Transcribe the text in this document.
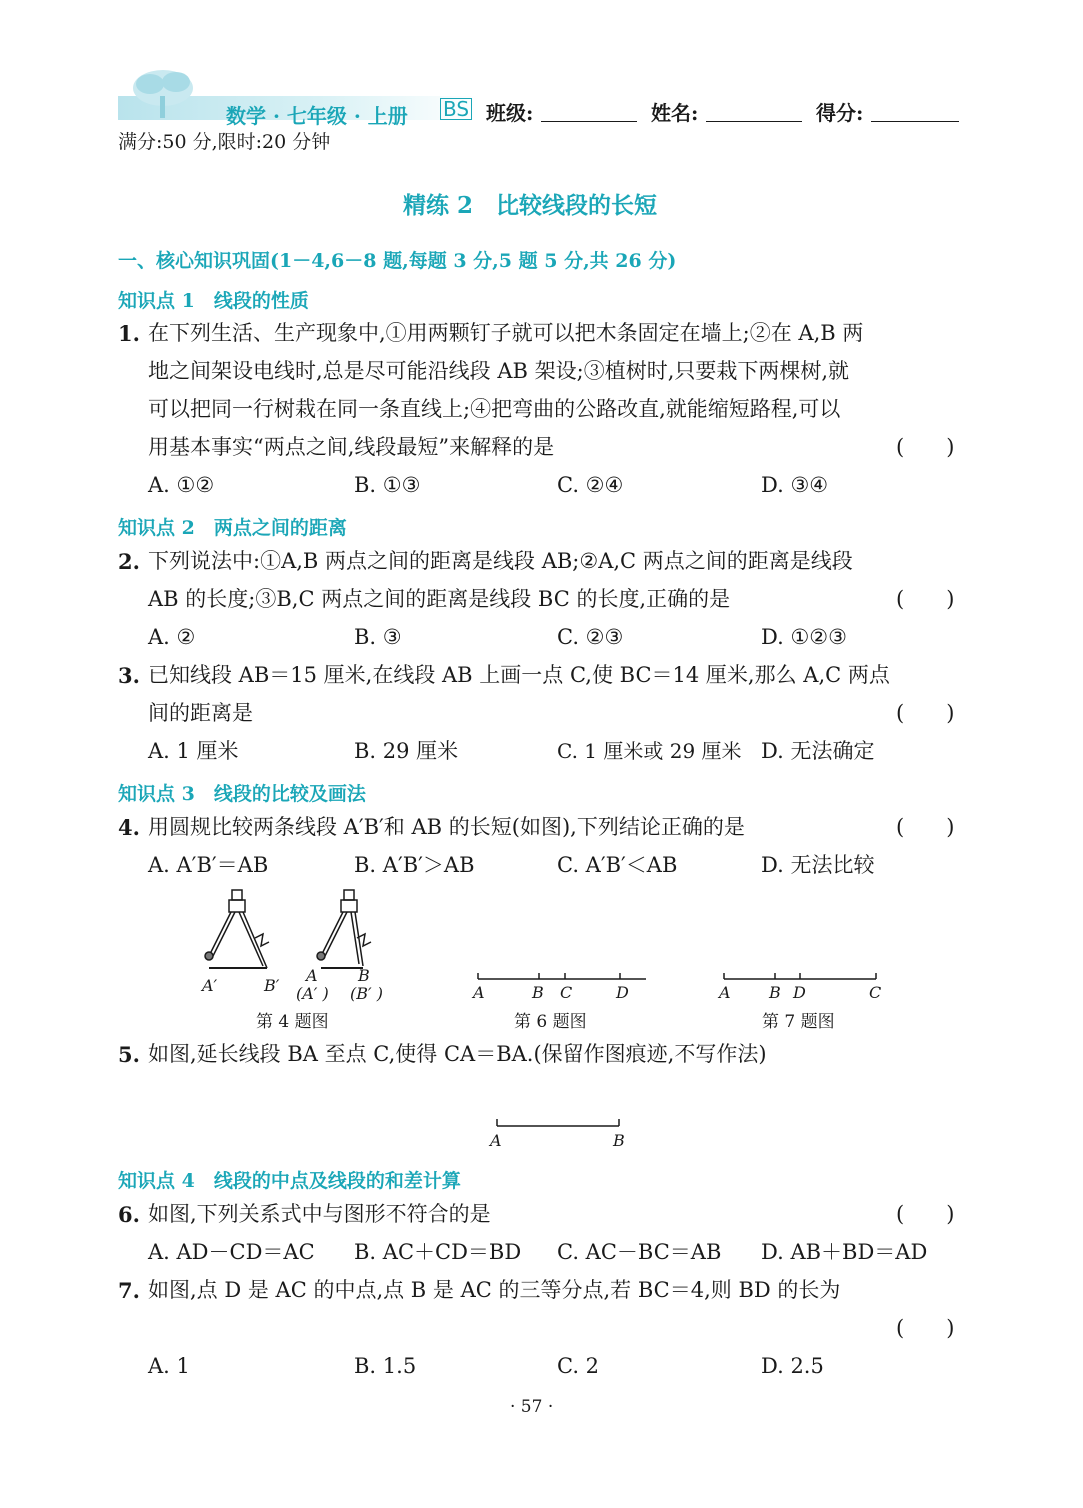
数学 · 七年级 · 上册 BS 班级:	姓名:	得分:
满分:50 分,限时:20 分钟
精练 2　比较线段的长短
一、核心知识巩固(1－4,6－8 题,每题 3 分,5 题 5 分,共 26 分)
知识点 1　线段的性质
1. 在下列生活、生产现象中,①用两颗钉子就可以把木条固定在墙上;②在 A,B 两
地之间架设电线时,总是尽可能沿线段 AB 架设;③植树时,只要栽下两棵树,就
可以把同一行树栽在同一条直线上;④把弯曲的公路改直,就能缩短路程,可以
用基本事实“两点之间,线段最短”来解释的是	(　　)
A. ①②	B. ①③	C. ②④	D. ③④
知识点 2　两点之间的距离
2. 下列说法中:①A,B 两点之间的距离是线段 AB;②A,C 两点之间的距离是线段
AB 的长度;③B,C 两点之间的距离是线段 BC 的长度,正确的是	(　　)
A. ②	B. ③	C. ②③	D. ①②③
3. 已知线段 AB＝15 厘米,在线段 AB 上画一点 C,使 BC＝14 厘米,那么 A,C 两点
间的距离是	(　　)
A. 1 厘米	B. 29 厘米	C. 1 厘米或 29 厘米 D. 无法确定
知识点 3　线段的比较及画法
4. 用圆规比较两条线段 A′B′和 AB 的长短(如图),下列结论正确的是	(　　)
A. A′B′＝AB	B. A′B′＞AB	C. A′B′＜AB	D. 无法比较
A′	B′
A	B
(A′ ) (B′ )
第 4 题图
A	B C	D
第 6 题图
A B D	C
第 7 题图
5. 如图,延长线段 BA 至点 C,使得 CA＝BA.(保留作图痕迹,不写作法)
A	B
知识点 4　线段的中点及线段的和差计算
6. 如图,下列关系式中与图形不符合的是	(　　)
A. AD－CD＝AC B. AC＋CD＝BD C. AC－BC＝AB D. AB＋BD＝AD
7. 如图,点 D 是 AC 的中点,点 B 是 AC 的三等分点,若 BC＝4,则 BD 的长为
(　　)
A. 1	B. 1.5	C. 2	D. 2.5
· 57 ·
